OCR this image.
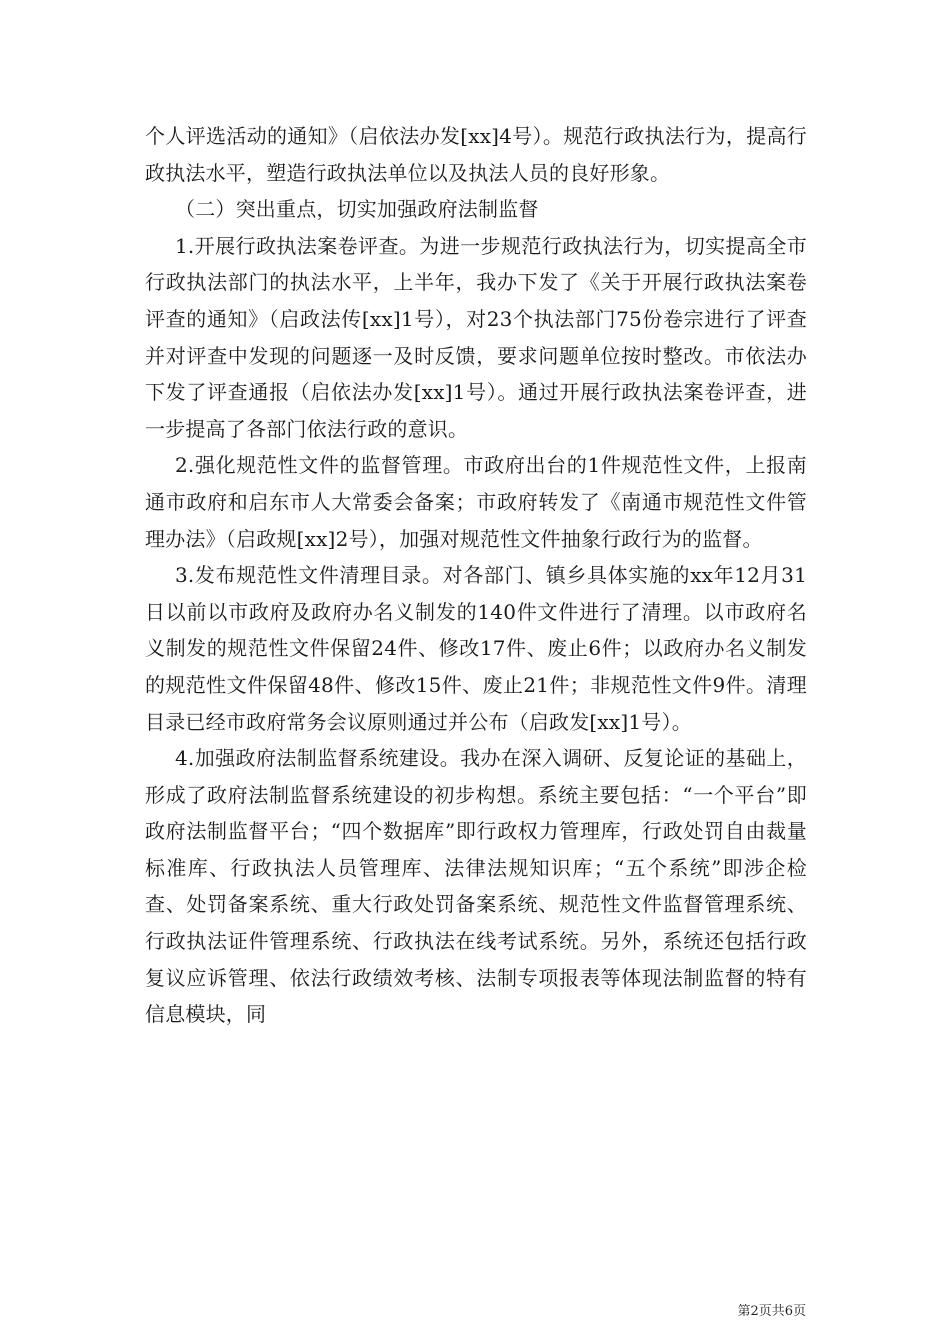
个人评选活动的通知》（启依法办发[xx]4号）。规范行政执法行为，提高行政执法水平，塑造行政执法单位以及执法人员的良好形象。

（二）突出重点，切实加强政府法制监督

1.开展行政执法案卷评查。为进一步规范行政执法行为，切实提高全市行政执法部门的执法水平，上半年，我办下发了《关于开展行政执法案卷评查的通知》（启政法传[xx]1号），对23个执法部门75份卷宗进行了评查并对评查中发现的问题逐一及时反馈，要求问题单位按时整改。市依法办下发了评查通报（启依法办发[xx]1号）。通过开展行政执法案卷评查，进一步提高了各部门依法行政的意识。

2.强化规范性文件的监督管理。市政府出台的1件规范性文件，上报南通市政府和启东市人大常委会备案；市政府转发了《南通市规范性文件管理办法》（启政规[xx]2号），加强对规范性文件抽象行政行为的监督。

3.发布规范性文件清理目录。对各部门、镇乡具体实施的xx年12月31日以前以市政府及政府办名义制发的140件文件进行了清理。以市政府名义制发的规范性文件保留24件、修改17件、废止6件；以政府办名义制发的规范性文件保留48件、修改15件、废止21件；非规范性文件9件。清理目录已经市政府常务会议原则通过并公布（启政发[xx]1号）。

4.加强政府法制监督系统建设。我办在深入调研、反复论证的基础上，形成了政府法制监督系统建设的初步构想。系统主要包括：“一个平台”即政府法制监督平台；“四个数据库”即行政权力管理库，行政处罚自由裁量标准库、行政执法人员管理库、法律法规知识库；“五个系统”即涉企检查、处罚备案系统、重大行政处罚备案系统、规范性文件监督管理系统、行政执法证件管理系统、行政执法在线考试系统。另外，系统还包括行政复议应诉管理、依法行政绩效考核、法制专项报表等体现法制监督的特有信息模块，同

第2页共6页
